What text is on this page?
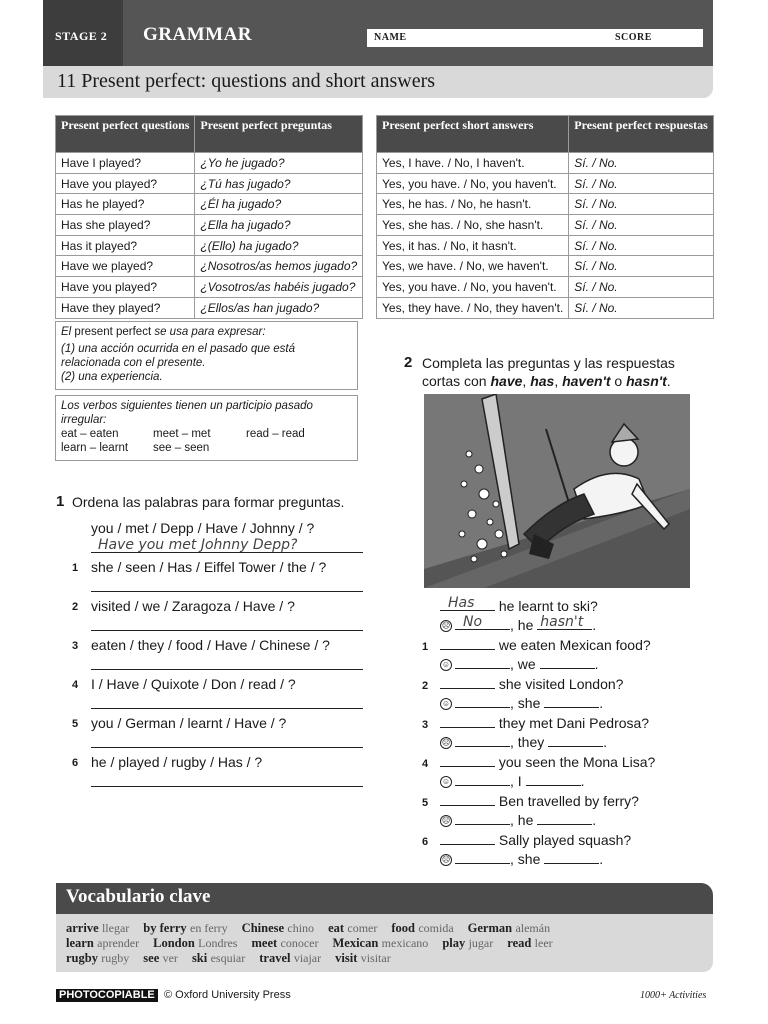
STAGE 2 GRAMMAR	NAME	SCORE
11 Present perfect: questions and short answers
Present perfect questions	Present perfect preguntas
Have I played?	¿Yo he jugado?
Have you played?	¿Tú has jugado?
Has he played?	¿Él ha jugado?
Has she played?	¿Ella ha jugado?
Has it played?	¿(Ello) ha jugado?
Have we played?	¿Nosotros/as hemos jugado?
Have you played?	¿Vosotros/as habéis jugado?
Have they played?	¿Ellos/as han jugado?
Present perfect short answers	Present perfect respuestas
Yes, I have. / No, I haven't.	Sí. / No.
Yes, you have. / No, you haven't.	Sí. / No.
Yes, he has. / No, he hasn't.	Sí. / No.
Yes, she has. / No, she hasn't.	Sí. / No.
Yes, it has. / No, it hasn't.	Sí. / No.
Yes, we have. / No, we haven't.	Sí. / No.
Yes, you have. / No, you haven't.	Sí. / No.
Yes, they have. / No, they haven't.	Sí. / No.
El present perfect se usa para expresar:
(1) una acción ocurrida en el pasado que está relacionada con el presente.
(2) una experiencia.
Los verbos siguientes tienen un participio pasado irregular:
eat – eaten	meet – met	read – read
learn – learnt see – seen
1 Ordena las palabras para formar preguntas.
you / met / Depp / Have / Johnny / ?
Have you met Johnny Depp?
1 she / seen / Has / Eiffel Tower / the / ?
2 visited / we / Zaragoza / Have / ?
3 eaten / they / food / Have / Chinese / ?
4 I / Have / Quixote / Don / read / ?
5 you / German / learnt / Have / ?
6 he / played / rugby / Has / ?
2 Completa las preguntas y las respuestas cortas con have, has, haven't o hasn't.
Has he learnt to ski?
☹ No , he hasn't .
1	we eaten Mexican food?
☺	, we	.
2	she visited London?
☺	, she	.
3	they met Dani Pedrosa?
☹	, they	.
4	you seen the Mona Lisa?
☺	, I	.
5	Ben travelled by ferry?
☹	, he	.
6	Sally played squash?
☹	, she	.
Vocabulario clave
arrive llegar by ferry en ferry Chinese chino eat comer food comida German alemán
learn aprender London Londres meet conocer Mexican mexicano play jugar read leer
rugby rugby see ver ski esquiar travel viajar visit visitar
PHOTOCOPIABLE © Oxford University Press	1000+ Activities
